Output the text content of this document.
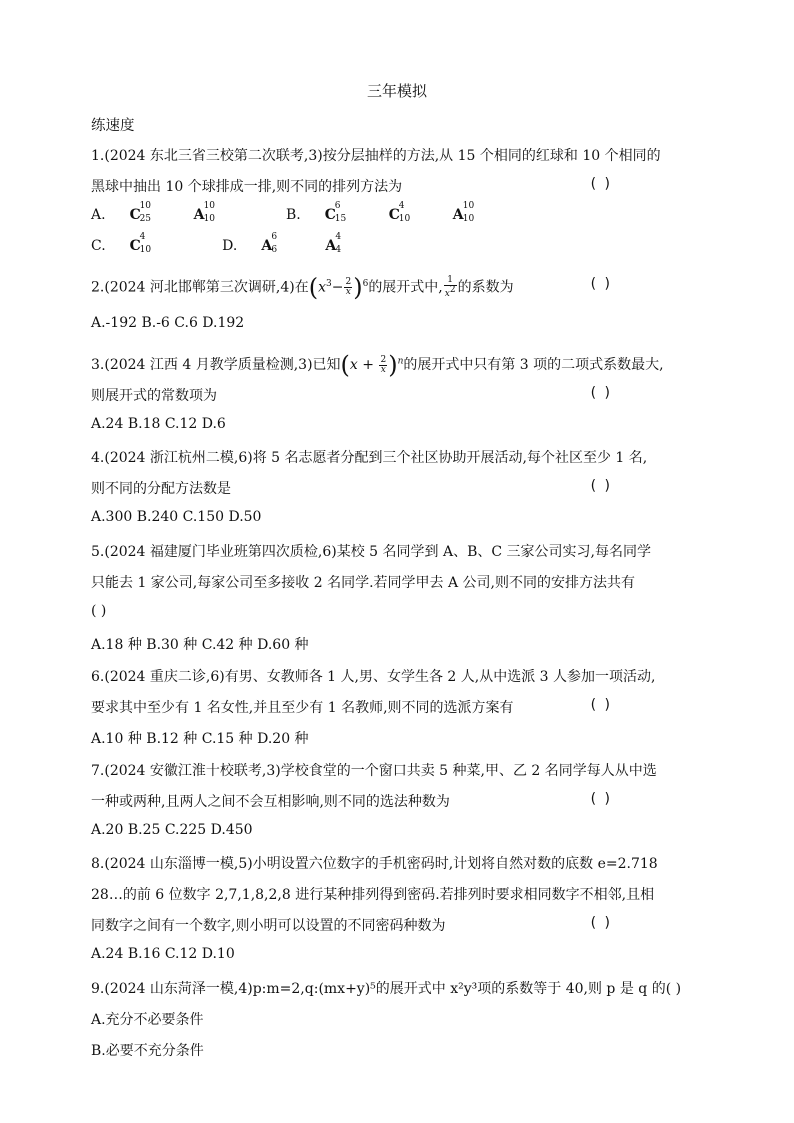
三年模拟
练速度
1.(2024 东北三省三校第二次联考,3)按分层抽样的方法,从 15 个相同的红球和 10 个相同的
黑球中抽出 10 个球排成一排,则不同的排列方法为	( )
A. C
10
25	A
10
10	B. C
6
15	C
4
10	A
10
10
C. C
4
10	D. A
6
6	A
4
4
2.(2024 河北邯郸第三次调研,4)在$(x^3- \frac{2}{x} )^6$的展开式中, $\frac{1}{x^2}$ 的系数为	( )
A.-192 B.-6 C.6 D.192
3.(2024 江西 4 月教学质量检测,3)已知$(x + \frac{2}{x} )^n$的展开式中只有第 3 项的二项式系数最大,
则展开式的常数项为	( )
A.24 B.18 C.12 D.6
4.(2024 浙江杭州二模,6)将 5 名志愿者分配到三个社区协助开展活动,每个社区至少 1 名,
则不同的分配方法数是	( )
A.300 B.240 C.150 D.50
5.(2024 福建厦门毕业班第四次质检,6)某校 5 名同学到 A、B、C 三家公司实习,每名同学
只能去 1 家公司,每家公司至多接收 2 名同学.若同学甲去 A 公司,则不同的安排方法共有
( )
A.18 种 B.30 种 C.42 种 D.60 种
6.(2024 重庆二诊,6)有男、女教师各 1 人,男、女学生各 2 人,从中选派 3 人参加一项活动,
要求其中至少有 1 名女性,并且至少有 1 名教师,则不同的选派方案有	( )
A.10 种 B.12 种 C.15 种 D.20 种
7.(2024 安徽江淮十校联考,3)学校食堂的一个窗口共卖 5 种菜,甲、乙 2 名同学每人从中选
一种或两种,且两人之间不会互相影响,则不同的选法种数为	( )
A.20 B.25 C.225 D.450
8.(2024 山东淄博一模,5)小明设置六位数字的手机密码时,计划将自然对数的底数 e=2.718
28…的前 6 位数字 2,7,1,8,2,8 进行某种排列得到密码.若排列时要求相同数字不相邻,且相
同数字之间有一个数字,则小明可以设置的不同密码种数为	( )
A.24 B.16 C.12 D.10
9.(2024 山东菏泽一模,4)p:m=2,q:(mx+y)⁵的展开式中 x²y³项的系数等于 40,则 p 是 q 的( )
A.充分不必要条件
B.必要不充分条件
